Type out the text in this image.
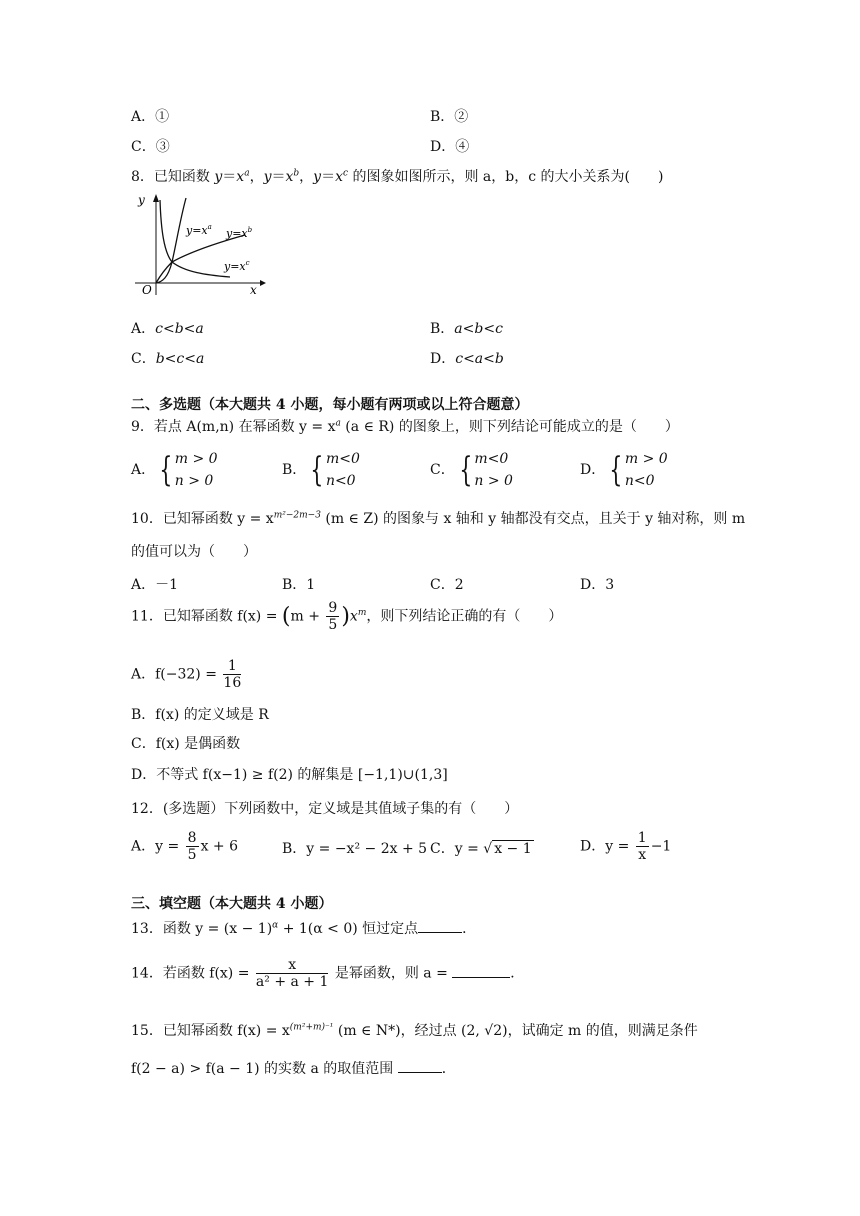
A．①	B．②
C．③	D．④
8．已知函数 $y=x^a$，$y=x^b$，$y=x^c$ 的图象如图所示，则 a，b，c 的大小关系为(　　)
y
x
O
$y=x^a$ $y=x^b$
$y=x^c$
A．c<b<a	B．a<b<c
C．b<c<a	D．c<a<b
二、多选题（本大题共 4 小题，每小题有两项或以上符合题意）
9．若点 A(m,n) 在幂函数 $y = x^a$ (a ∈ R) 的图象上，则下列结论可能成立的是（　　）
A． { m > 0
n > 0
B． { m<0
n<0
C． { m<0
n > 0
D． { m > 0
n<0
10．已知幂函数 $y = x^{m^2-2m-3}$ (m ∈ Z) 的图象与 x 轴和 y 轴都没有交点，且关于 y 轴对称，则 m
的值可以为（　　）
A．－1	B．1	C．2	D．3
11．已知幂函数 $f(x) = (m + \frac{9}{5} )x^m$，则下列结论正确的有（　　）
A．$f(-32) = \frac{1}{16}$
B．f(x) 的定义域是 R
C．f(x) 是偶函数
D．不等式 f(x−1) ≥ f(2) 的解集是 [−1,1)∪(1,3]
12．(多选题）下列函数中，定义域是其值域子集的有（　　）
A．$y = \frac{8}{5}$ x + 6	B．y = −x² − 2x + 5 C．y = √ x − 1	D．$y = \frac{1}{x} -1$
三、填空题（本大题共 4 小题）
13．函数 $y = (x - 1)^\alpha + 1(\alpha < 0)$ 恒过定点	．
14．若函数 $f(x) = \frac{x}{\text{a² + a + 1}}$ 是幂函数，则 a =	．
15．已知幂函数 $f(x) = x^{(m^2+m)^{-1}}$ (m ∈ N*)，经过点 (2, √2)，试确定 m 的值，则满足条件
f(2 − a) > f(a − 1) 的实数 a 的取值范围	．
